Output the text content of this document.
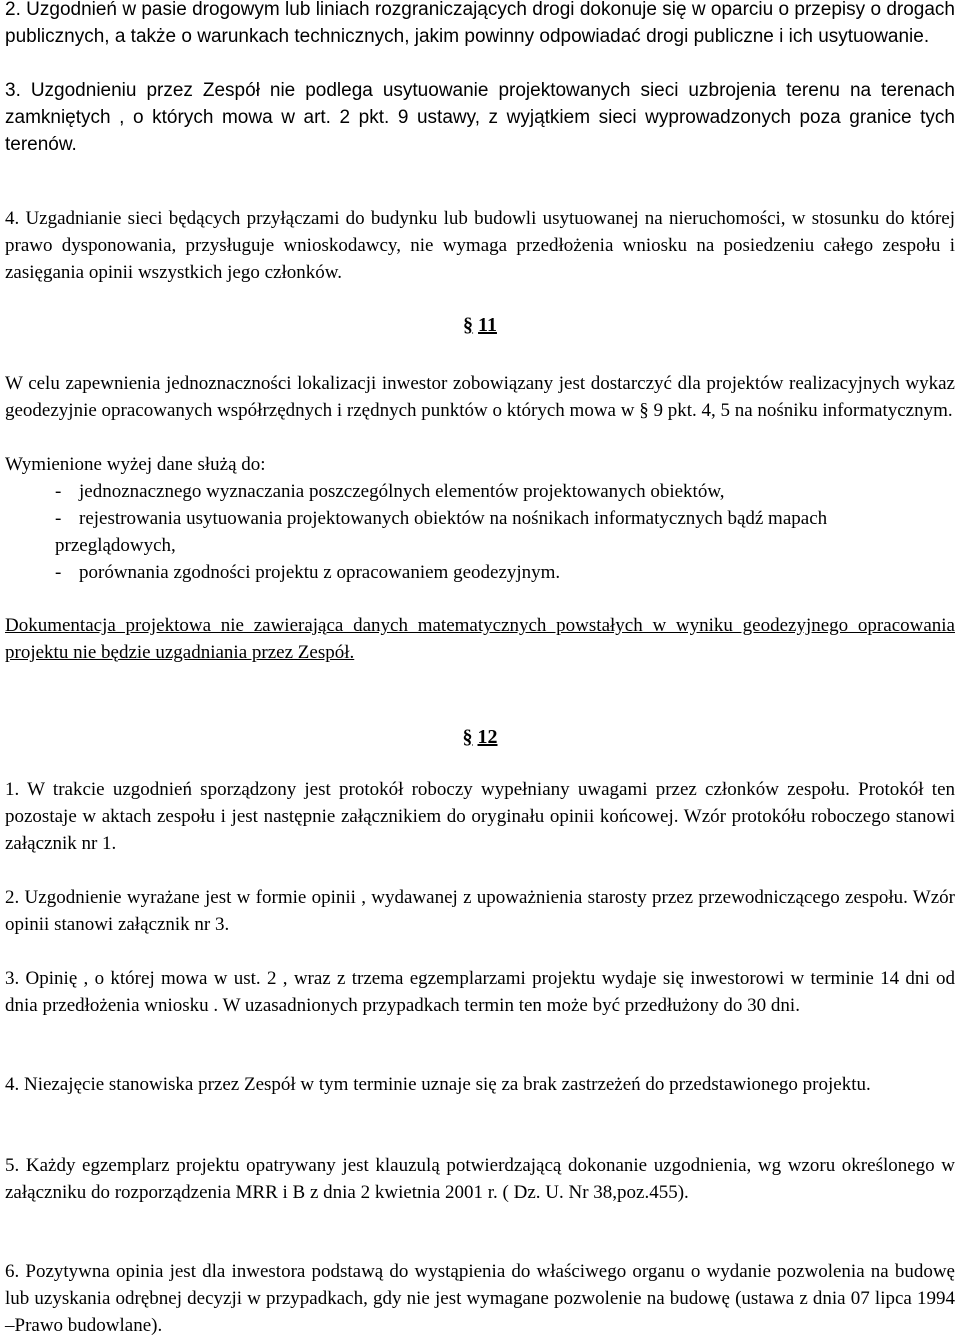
2. Uzgodnień w pasie drogowym lub liniach rozgraniczających drogi dokonuje się w oparciu o przepisy o drogach publicznych, a także o warunkach technicznych, jakim powinny odpowiadać drogi publiczne i ich usytuowanie.

3. Uzgodnieniu przez Zespół nie podlega usytuowanie projektowanych sieci uzbrojenia terenu na terenach zamkniętych , o których mowa w art. 2 pkt. 9 ustawy, z wyjątkiem sieci wyprowadzonych poza granice tych terenów.

4. Uzgadnianie sieci będących przyłączami do budynku lub budowli usytuowanej na nieruchomości, w stosunku do której prawo dysponowania, przysługuje wnioskodawcy, nie wymaga przedłożenia wniosku na posiedzeniu całego zespołu i zasięgania opinii wszystkich jego członków.

§ 11

W celu zapewnienia jednoznaczności lokalizacji inwestor zobowiązany jest dostarczyć dla projektów realizacyjnych wykaz geodezyjnie opracowanych współrzędnych i rzędnych punktów o których mowa w § 9 pkt. 4, 5 na nośniku informatycznym.

Wymienione wyżej dane służą do:

- jednoznacznego wyznaczania poszczególnych elementów projektowanych obiektów,
- rejestrowania usytuowania projektowanych obiektów na nośnikach informatycznych bądź mapach przeglądowych,
- porównania zgodności projektu z opracowaniem geodezyjnym.

Dokumentacja projektowa nie zawierająca danych matematycznych powstałych w wyniku geodezyjnego opracowania projektu nie będzie uzgadniania przez Zespół.

§ 12

1. W trakcie uzgodnień sporządzony jest protokół roboczy wypełniany uwagami przez członków zespołu. Protokół ten pozostaje w aktach zespołu i jest następnie załącznikiem do oryginału opinii końcowej. Wzór protokółu roboczego stanowi załącznik nr 1.

2. Uzgodnienie wyrażane jest w formie opinii , wydawanej z upoważnienia starosty przez przewodniczącego zespołu. Wzór opinii stanowi załącznik nr 3.

3. Opinię , o której mowa w ust. 2 , wraz z trzema egzemplarzami projektu wydaje się inwestorowi w terminie 14 dni od dnia przedłożenia wniosku . W uzasadnionych przypadkach termin ten może być przedłużony do 30 dni.

4. Niezajęcie stanowiska przez Zespół w tym terminie uznaje się za brak zastrzeżeń do przedstawionego projektu.

5. Każdy egzemplarz projektu opatrywany jest klauzulą potwierdzającą dokonanie uzgodnienia, wg wzoru określonego w załączniku do rozporządzenia MRR i B z dnia 2 kwietnia 2001 r. ( Dz. U. Nr 38,poz.455).

6. Pozytywna opinia jest dla inwestora podstawą do wystąpienia do właściwego organu o wydanie pozwolenia na budowę lub uzyskania odrębnej decyzji w przypadkach, gdy nie jest wymagane pozwolenie na budowę (ustawa z dnia 07 lipca 1994 –Prawo budowlane).
